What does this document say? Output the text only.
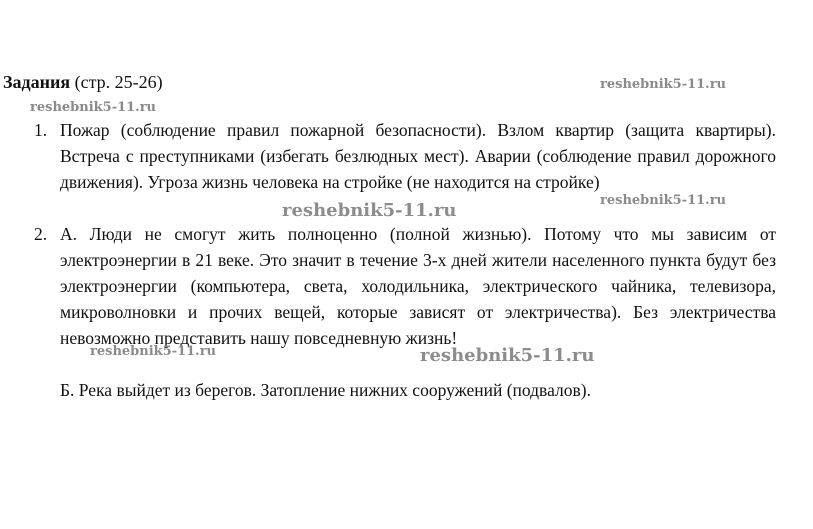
Задания (стр. 25-26)	reshebnik5-11.ru
reshebnik5-11.ru
1. Пожар (соблюдение правил пожарной безопасности). Взлом квартир (защита квартиры). Встреча с преступниками (избегать безлюдных мест). Аварии (соблюдение правил дорожного движения). Угроза жизнь человека на стройке (не находится на стройке)

reshebnik5-11.ru	reshebnik5-11.ru
2. А. Люди не смогут жить полноценно (полной жизнью). Потому что мы зависим от электроэнергии в 21 веке. Это значит в течение 3-х дней жители населенного пункта будут без электроэнергии (компьютера, света, холодильника, электрического чайника, телевизора, микроволновки и прочих вещей, которые зависят от электричества). Без электричества невозможно представить нашу повседневную жизнь!

reshebnik5-11.ru	reshebnik5-11.ru
Б. Река выйдет из берегов. Затопление нижних сооружений (подвалов).
